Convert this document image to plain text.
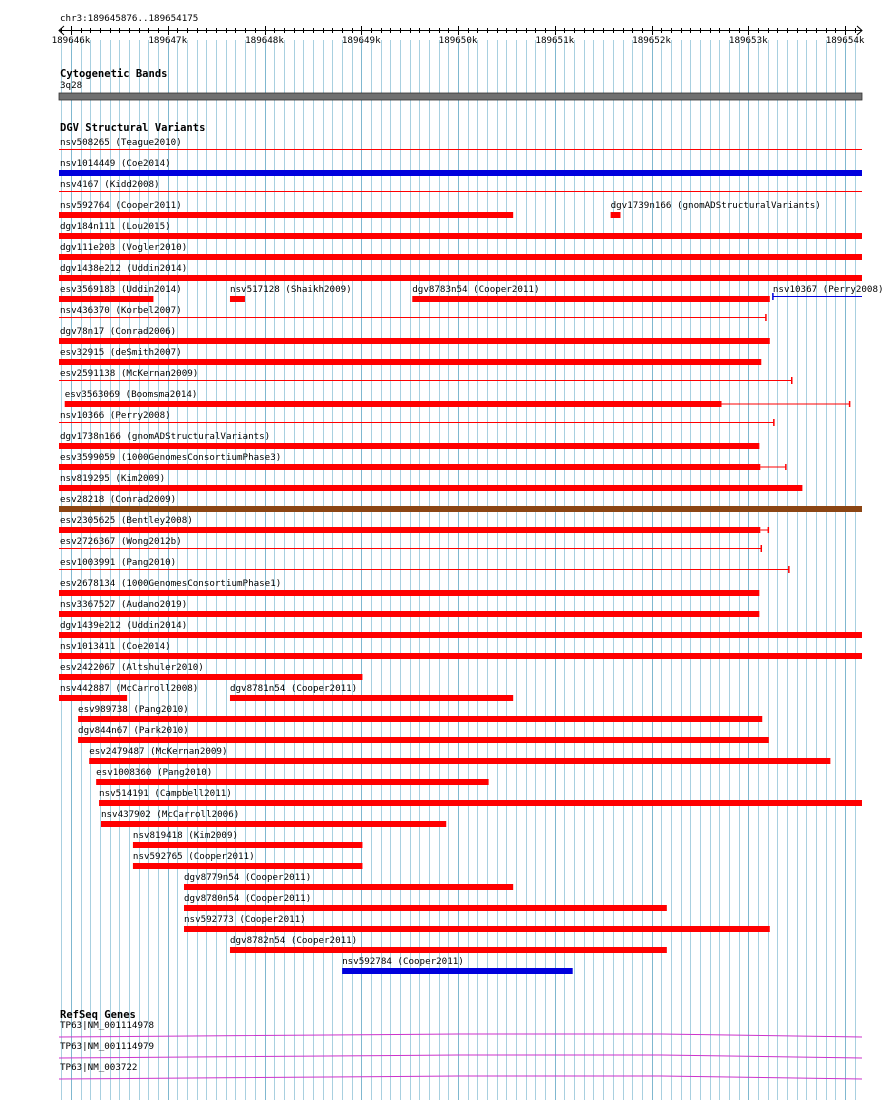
chr3:189645876..189654175
Cytogenetic Bands
3q28
DGV Structural Variants
RefSeq Genes
189646k	189647k	189648k	189649k	189650k	189651k	189652k	189653k	189654k
nsv508265 (Teague2010)
nsv1014449 (Coe2014)
nsv4167 (Kidd2008)
nsv592764 (Cooper2011)	dgv1739n166 (gnomADStructuralVariants)
dgv184n111 (Lou2015)
dgv111e203 (Vogler2010)
dgv1438e212 (Uddin2014)
esv3569183 (Uddin2014)	nsv517128 (Shaikh2009)	dgv8783n54 (Cooper2011)	nsv10367 (Perry2008)
nsv436370 (Korbel2007)
dgv78n17 (Conrad2006)
esv32915 (deSmith2007)
esv2591138 (McKernan2009)
esv3563069 (Boomsma2014)
nsv10366 (Perry2008)
dgv1738n166 (gnomADStructuralVariants)
esv3599059 (1000GenomesConsortiumPhase3)
nsv819295 (Kim2009)
esv28218 (Conrad2009)
esv2305625 (Bentley2008)
esv2726367 (Wong2012b)
esv1003991 (Pang2010)
esv2678134 (1000GenomesConsortiumPhase1)
nsv3367527 (Audano2019)
dgv1439e212 (Uddin2014)
nsv1013411 (Coe2014)
esv2422067 (Altshuler2010)
nsv442887 (McCarroll2008)	dgv8781n54 (Cooper2011)
esv989738 (Pang2010)
dgv844n67 (Park2010)
esv2479487 (McKernan2009)
esv1008360 (Pang2010)
nsv514191 (Campbell2011)
nsv437902 (McCarroll2006)
nsv819418 (Kim2009)
nsv592765 (Cooper2011)
dgv8779n54 (Cooper2011)
dgv8780n54 (Cooper2011)
nsv592773 (Cooper2011)
dgv8782n54 (Cooper2011)
nsv592784 (Cooper2011)
TP63|NM_001114978
TP63|NM_001114979
TP63|NM_003722
